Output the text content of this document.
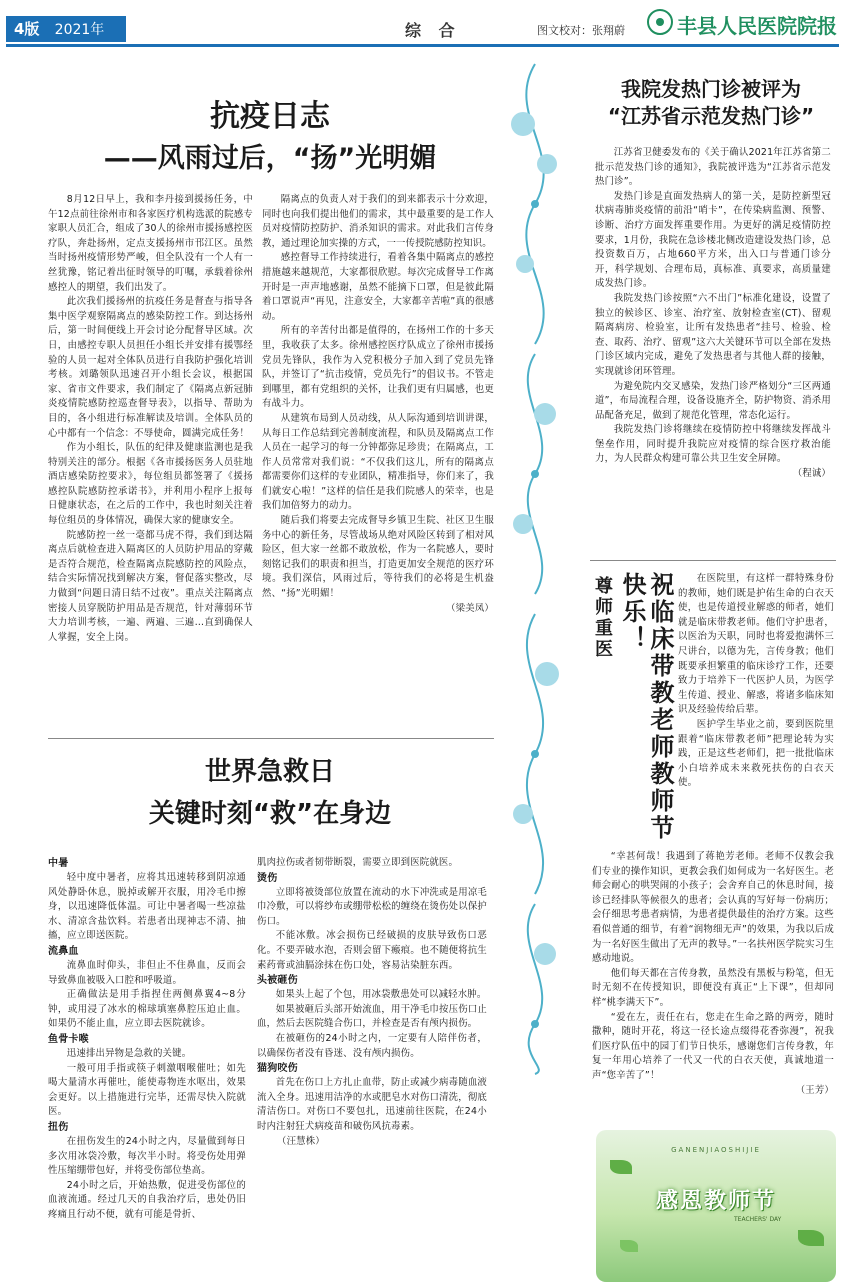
4版 2021年　9月
综 合	图文校对：张翔蔚	丰县人民医院院报
抗疫日志
——风雨过后，“扬”光明媚

8月12日早上，我和李丹接到援扬任务，中午12点前往徐州市和各家医疗机构选派的院感专家职人员汇合，组成了30人的徐州市援扬感控医疗队，奔赴扬州，定点支援扬州市邗江区。虽然当时扬州疫情形势严峻，但全队没有一个人有一丝犹豫，铭记着出征时领导的叮嘱，承载着徐州感控人的期望，我们出发了。

此次我们援扬州的抗疫任务是督查与指导各集中医学观察隔离点的感染防控工作。到达扬州后，第一时间便线上开会讨论分配督导区域。次日，由感控专职人员担任小组长并安排有援鄂经验的人员一起对全体队员进行自我防护强化培训考核。刘璐领队迅速召开小组长会议，根据国家、省市文件要求，我们制定了《隔离点新冠肺炎疫情院感防控巡查督导表》，以指导、帮助为目的，各小组进行标准解读及培训。全体队员的心中都有一个信念：不辱使命，圆满完成任务！

作为小组长，队伍的纪律及健康监测也是我特别关注的部分。根据《各市援扬医务人员驻地酒店感染防控要求》，每位组员都签署了《援扬感控队院感防控承诺书》，并利用小程序上报每日健康状态，在之后的工作中，我也时刻关注着每位组员的身体情况，确保大家的健康安全。

院感防控一丝一毫都马虎不得，我们到达隔离点后就检查进入隔离区的人员防护用品的穿戴是否符合规范，检查隔离点院感防控的风险点，结合实际情况找到解决方案，督促落实整改，尽力做到“问题日清日结不过夜”。重点关注隔离点密接人员穿脱防护用品是否规范，针对薄弱环节大力培训考核，一遍、两遍、三遍…直到确保人人掌握，安全上岗。

隔离点的负责人对于我们的到来都表示十分欢迎，同时也向我们提出他们的需求，其中最重要的是工作人员对疫情防控防护、消杀知识的需求。对此我们言传身教，通过理论加实操的方式，一一传授院感防控知识。

感控督导工作持续进行，看着各集中隔离点的感控措施越来越规范，大家都很欣慰。每次完成督导工作离开时是一声声地感谢，虽然不能摘下口罩，但是彼此隔着口罩说声“再见，注意安全，大家都辛苦啦”真的很感动。

所有的辛苦付出都是值得的，在扬州工作的十多天里，我收获了太多。徐州感控医疗队成立了徐州市援扬党员先锋队，我作为入党积极分子加入到了党员先锋队，并签订了“抗击疫情，党员先行”的倡议书。不管走到哪里，都有党组织的关怀，让我们更有归属感，也更有战斗力。

从建筑布局到人员动线，从人际沟通到培训讲课，从每日工作总结到完善制度流程，和队员及隔离点工作人员在一起学习的每一分钟都弥足珍贵；在隔离点，工作人员常常对我们说：“不仅我们这儿，所有的隔离点都需要你们这样的专业团队，精准指导，你们来了，我们就安心啦！”这样的信任是我们院感人的荣幸，也是我们加倍努力的动力。

随后我们将要去完成督导乡镇卫生院、社区卫生服务中心的新任务，尽管战场从绝对风险区转到了相对风险区，但大家一丝都不敢放松，作为一名院感人，要时刻铭记我们的职责和担当，打造更加安全规范的医疗环境。我们深信，风雨过后，等待我们的必将是生机盎然、“扬”光明媚！

（梁美凤）

世界急救日
关键时刻“救”在身边
中暑

轻中度中暑者，应将其迅速转移到阴凉通风处静卧休息，脱掉或解开衣服，用冷毛巾擦身，以迅速降低体温。可让中暑者喝一些凉盐水、清凉含盐饮料。若患者出现神志不清、抽搐，应立即送医院。

流鼻血

流鼻血时仰头，非但止不住鼻血，反而会导致鼻血被吸入口腔和呼吸道。

正确做法是用手指捏住两侧鼻翼4~8分钟，或用浸了冰水的棉球填塞鼻腔压迫止血。如果仍不能止血，应立即去医院就诊。

鱼骨卡喉

迅速排出异物是急救的关键。

一般可用手指或筷子刺激咽喉催吐；如先喝大量清水再催吐，能使毒物连水呕出，效果会更好。以上措施进行完毕，还需尽快入院就医。

扭伤

在扭伤发生的24小时之内，尽量做到每日多次用冰袋冷敷，每次半小时。将受伤处用弹性压缩绷带包好，并将受伤部位垫高。

24小时之后，开始热敷，促进受伤部位的血液流通。经过几天的自我治疗后，患处仍旧疼痛且行动不便，就有可能是骨折、

肌肉拉伤或者韧带断裂，需要立即到医院就医。

烫伤

立即将被烫部位放置在流动的水下冲洗或是用凉毛巾冷敷，可以将纱布或绷带松松的缠绕在烫伤处以保护伤口。

不能冰敷。冰会损伤已经破损的皮肤导致伤口恶化。不要弄破水泡，否则会留下瘢痕。也不随便将抗生素药膏或油膈涂抹在伤口处，容易沾染脏东西。

头被砸伤

如果头上起了个包，用冰袋敷患处可以减轻水肿。

如果被砸后头部开始流血，用干净毛巾按压伤口止血，然后去医院缝合伤口，并检查是否有颅内损伤。

在被砸伤的24小时之内，一定要有人陪伴伤者，以确保伤者没有昏迷、没有颅内损伤。

猫狗咬伤

首先在伤口上方扎止血带，防止或减少病毒随血液流入全身。迅速用洁净的水或肥皂水对伤口清洗，彻底清洁伤口。对伤口不要包扎，迅速前往医院，在24小时内注射狂犬病疫苗和破伤风抗毒素。

（汪慧株）

我院发热门诊被评为
“江苏省示范发热门诊”

江苏省卫健委发布的《关于确认2021年江苏省第二批示范发热门诊的通知》，我院被评选为“江苏省示范发热门诊”。

发热门诊是直面发热病人的第一关，是防控新型冠状病毒肺炎疫情的前沿“哨卡”，在传染病监测、预警、诊断、治疗方面发挥重要作用。为更好的满足疫情防控要求，1月份，我院在急诊楼北侧改造建设发热门诊，总投资数百万，占地660平方米，出入口与普通门诊分开，科学规划、合理布局，真标准、真要求，高质量建成发热门诊。

我院发热门诊按照“六不出门”标准化建设，设置了独立的候诊区、诊室、治疗室、放射检查室(CT)、留观隔离病房、检验室，让所有发热患者“挂号、检验、检查、取药、治疗、留观”这六大关键环节可以全部在发热门诊区域内完成，避免了发热患者与其他人群的接触，实现就诊闭环管理。

为避免院内交叉感染，发热门诊严格划分“三区两通道”，布局流程合理，设备设施齐全，防护物资、消杀用品配备充足，做到了规范化管理，常态化运行。

我院发热门诊将继续在疫情防控中将继续发挥战斗堡垒作用，同时提升我院应对疫情的综合医疗救治能力，为人民群众构建可靠公共卫生安全屏障。

（程诚）

祝临床带教老师教师节快乐！
尊师重医	在医院里，有这样一群特殊身份的教师，她们既是护佑生命的白衣天使，也是传道授业解惑的师者，她们就是临床带教老师。他们守护患者，以医治为天职，同时也将爱抱满怀三尺讲台，以德为先，言传身教；他们既要承担繁重的临床诊疗工作，还要致力于培养下一代医护人员，为医学生传道、授业、解惑，将诸多临床知识及经验传给后辈。

医护学生毕业之前，要到医院里跟着“临床带教老师”把理论转为实践，正是这些老师们，把一批批临床小白培养成未来救死扶伤的白衣天使。

“幸甚何哉！我遇到了蒋艳芳老师。老师不仅教会我们专业的操作知识，更教会我们如何成为一名好医生。老师会耐心的哄哭闹的小孩子；会舍弃自己的休息时间，接诊已经排队等候很久的患者；会认真的写好每一份病历；会仔细思考患者病情，为患者提供最佳的治疗方案。这些看似普通的细节，有着“润物细无声”的效果，为我以后成为一名好医生做出了无声的教导。”一名扶州医学院实习生感动地说。

他们每天都在言传身教，虽然没有黑板与粉笔，但无时无刻不在传授知识，即便没有真正“上下课”，但却同样“桃李满天下”。

“爱在左，责任在右，您走在生命之路的两旁，随时撒种，随时开花，将这一径长途点缀得花香弥漫”，祝我们医疗队伍中的园丁们节日快乐，感谢您们言传身教，年复一年用心培养了一代又一代的白衣天使，真诚地道一声“您辛苦了”！

（王芳）

GANENJIAOSHIJIE
感恩教师节
TEACHERS' DAY
